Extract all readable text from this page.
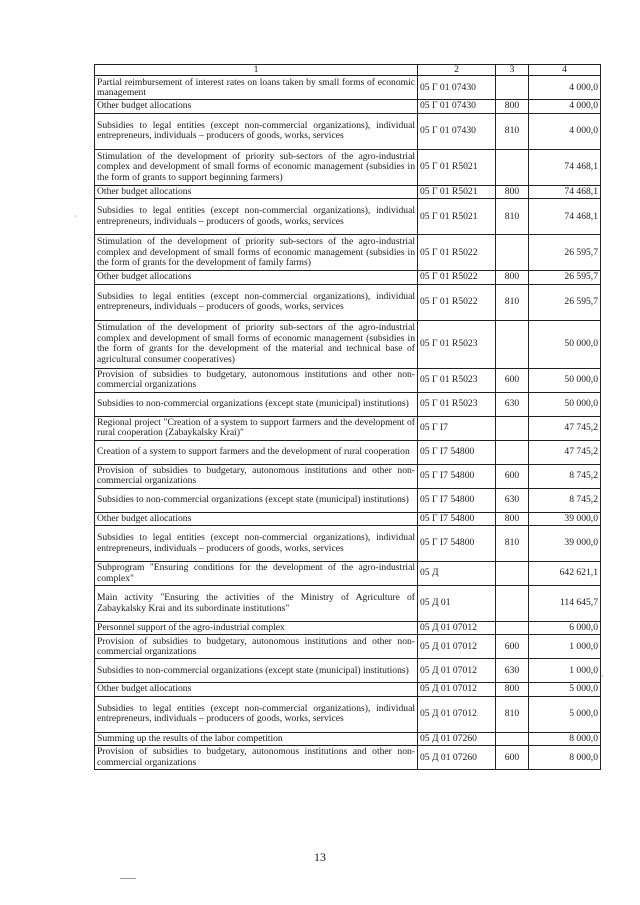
1	2	3	4
Partial reimbursement of interest rates on loans taken by small forms of economic management	05 Г 01 07430		4 000,0
Other budget allocations	05 Г 01 07430	800	4 000,0
Subsidies to legal entities (except non-commercial organizations), individual entrepreneurs, individuals – producers of goods, works, services	05 Г 01 07430	810	4 000,0
Stimulation of the development of priority sub-sectors of the agro-industrial complex and development of small forms of economic management (subsidies in the form of grants to support beginning farmers)	05 Г 01 R5021		74 468,1
Other budget allocations	05 Г 01 R5021	800	74 468,1
Subsidies to legal entities (except non-commercial organizations), individual entrepreneurs, individuals – producers of goods, works, services	05 Г 01 R5021	810	74 468,1
Stimulation of the development of priority sub-sectors of the agro-industrial complex and development of small forms of economic management (subsidies in the form of grants for the development of family farms)	05 Г 01 R5022		26 595,7
Other budget allocations	05 Г 01 R5022	800	26 595,7
Subsidies to legal entities (except non-commercial organizations), individual entrepreneurs, individuals – producers of goods, works, services	05 Г 01 R5022	810	26 595,7
Stimulation of the development of priority sub-sectors of the agro-industrial complex and development of small forms of economic management (subsidies in the form of grants for the development of the material and technical base of agricultural consumer cooperatives)	05 Г 01 R5023		50 000,0
Provision of subsidies to budgetary, autonomous institutions and other non-commercial organizations	05 Г 01 R5023	600	50 000,0
Subsidies to non-commercial organizations (except state (municipal) institutions)	05 Г 01 R5023	630	50 000,0
Regional project "Creation of a system to support farmers and the development of rural cooperation (Zabaykalsky Krai)"	05 Г I7		47 745,2
Creation of a system to support farmers and the development of rural cooperation	05 Г I7 54800		47 745,2
Provision of subsidies to budgetary, autonomous institutions and other non-commercial organizations	05 Г I7 54800	600	8 745,2
Subsidies to non-commercial organizations (except state (municipal) institutions)	05 Г I7 54800	630	8 745,2
Other budget allocations	05 Г I7 54800	800	39 000,0
Subsidies to legal entities (except non-commercial organizations), individual entrepreneurs, individuals – producers of goods, works, services	05 Г I7 54800	810	39 000,0
Subprogram "Ensuring conditions for the development of the agro-industrial complex"	05 Д		642 621,1
Main activity "Ensuring the activities of the Ministry of Agriculture of Zabaykalsky Krai and its subordinate institutions"	05 Д 01		114 645,7
Personnel support of the agro-industrial complex	05 Д 01 07012		6 000,0
Provision of subsidies to budgetary, autonomous institutions and other non-commercial organizations	05 Д 01 07012	600	1 000,0
Subsidies to non-commercial organizations (except state (municipal) institutions)	05 Д 01 07012	630	1 000,0
Other budget allocations	05 Д 01 07012	800	5 000,0
Subsidies to legal entities (except non-commercial organizations), individual entrepreneurs, individuals – producers of goods, works, services	05 Д 01 07012	810	5 000,0
Summing up the results of the labor competition	05 Д 01 07260		8 000,0
Provision of subsidies to budgetary, autonomous institutions and other non-commercial organizations	05 Д 01 07260	600	8 000,0
13
·
·
